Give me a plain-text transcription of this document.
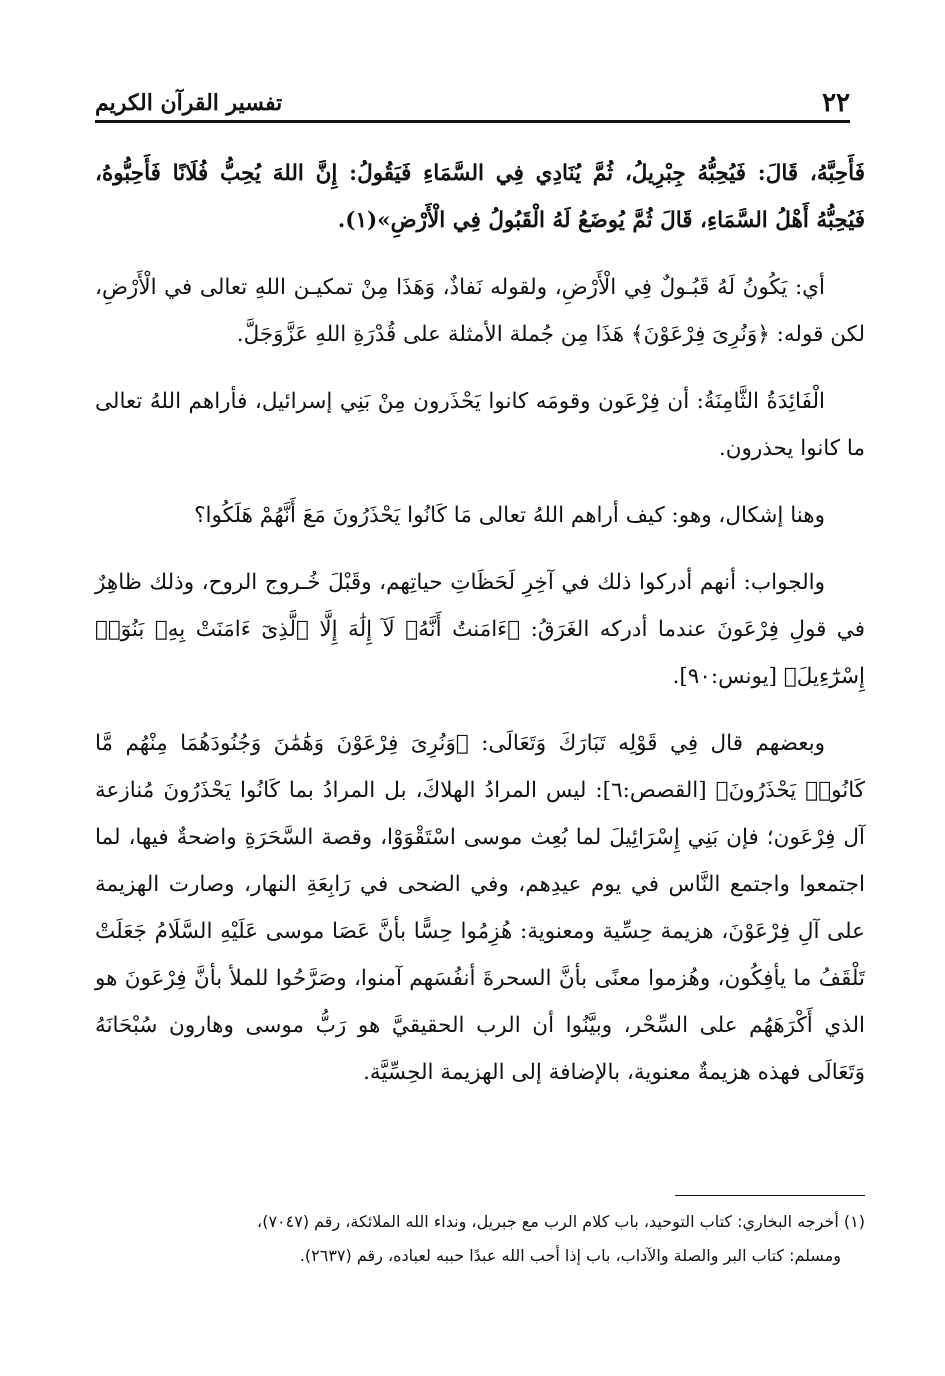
٢٢
تفسير القرآن الكريم

فَأَحِبَّهُ، قَالَ: فَيُحِبُّهُ جِبْرِيلُ، ثُمَّ يُنَادِي فِي السَّمَاءِ فَيَقُولُ: إِنَّ اللهَ يُحِبُّ فُلَانًا فَأَحِبُّوهُ، فَيُحِبُّهُ أَهْلُ السَّمَاءِ، قَالَ ثُمَّ يُوضَعُ لَهُ الْقَبُولُ فِي الْأَرْضِ»(١).

أي: يَكُونُ لَهُ قَبُـولٌ فِي الْأَرْضِ، ولقوله نَفاذٌ، وَهَذَا مِنْ تمكيـن اللهِ تعالى في الْأَرْضِ، لكن قوله: ﴿وَنُرِىَ فِرْعَوْنَ﴾ هَذَا مِن جُملة الأمثلة على قُدْرَةِ اللهِ عَزَّوَجَلَّ.

الْفَائِدَةُ الثَّامِنَةُ: أن فِرْعَون وقومَه كانوا يَحْذَرون مِنْ بَنِي إسرائيل، فأراهم اللهُ تعالى ما كانوا يحذرون.

وهنا إشكال، وهو: كيف أراهم اللهُ تعالى مَا كَانُوا يَحْذَرُونَ مَعَ أَنَّهُمْ هَلَكُوا؟

والجواب: أنهم أدركوا ذلك في آخِرِ لَحَظَاتِ حياتِهم، وقَبْلَ خُـروج الروح، وذلك ظاهِرٌ في قولِ فِرْعَونَ عندما أدركه الغَرَقُ: ﴿ءَامَنتُ أَنَّهُۥ لَآ إِلَٰهَ إِلَّا ٱلَّذِىٓ ءَامَنَتْ بِهِۦ بَنُوٓا۟ إِسْرَٰٓءِيلَ﴾ [يونس:٩٠].

وبعضهم قال فِي قَوْلِه تَبَارَكَ وَتَعَالَى: ﴿وَنُرِىَ فِرْعَوْنَ وَهَٰمَٰنَ وَجُنُودَهُمَا مِنْهُم مَّا كَانُوا۟ يَحْذَرُونَ﴾ [القصص:٦]: ليس المرادُ الهلاكَ، بل المرادُ بما كَانُوا يَحْذَرُونَ مُنازعة آل فِرْعَون؛ فإن بَنِي إِسْرَائِيلَ لما بُعِث موسى اسْتَقْوَوْا، وقصة السَّحَرَةِ واضحةٌ فيها، لما اجتمعوا واجتمع النَّاس في يوم عيدِهم، وفي الضحى في رَابِعَةِ النهار، وصارت الهزيمة على آلِ فِرْعَوْنَ، هزيمة حِسِّية ومعنوية: هُزِمُوا حِسًّا بأنَّ عَصَا موسى عَلَيْهِ السَّلَامُ جَعَلَتْ تَلْقَفُ ما يأفِكُون، وهُزموا معنًى بأنَّ السحرةَ أنفُسَهم آمنوا، وصَرَّحُوا للملأ بأنَّ فِرْعَونَ هو الذي أَكْرَهَهُم على السِّحْر، وبيَّنُوا أن الرب الحقيقيَّ هو رَبُّ موسى وهارون سُبْحَانَهُ وَتَعَالَى فهذه هزيمةٌ معنوية، بالإضافة إلى الهزيمة الحِسِّيَّة.

(١) أخرجه البخاري: كتاب التوحيد، باب كلام الرب مع جبريل، ونداء الله الملائكة، رقم (٧٠٤٧)،

ومسلم: كتاب البر والصلة والآداب، باب إذا أحب الله عبدًا حببه لعباده، رقم (٢٦٣٧).
